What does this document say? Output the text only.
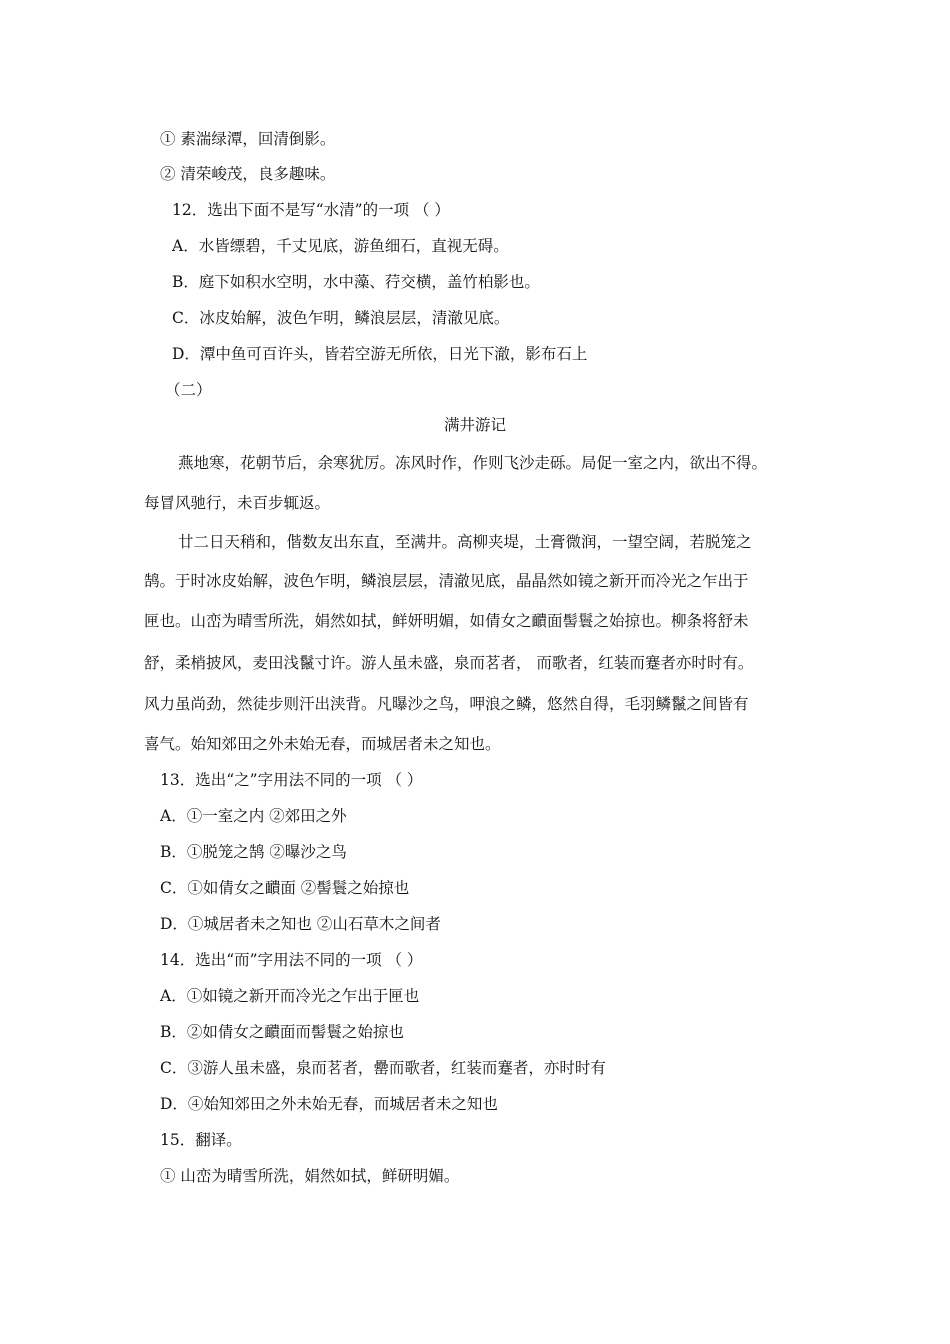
① 素湍绿潭，回清倒影。
② 清荣峻茂，良多趣味。
12．选出下面不是写“水清”的一项 （ ）
A．水皆缥碧，千丈见底，游鱼细石，直视无碍。
B．庭下如积水空明，水中藻、荇交横，盖竹柏影也。
C．冰皮始解，波色乍明，鳞浪层层，清澈见底。
D．潭中鱼可百许头，皆若空游无所依，日光下澈，影布石上
（二）
满井游记
燕地寒，花朝节后，余寒犹厉。冻风时作，作则飞沙走砾。局促一室之内，欲出不得。
每冒风驰行，未百步辄返。
廿二日天稍和，偕数友出东直，至满井。高柳夹堤，土膏微润，一望空阔，若脱笼之
鹄。于时冰皮始解，波色乍明，鳞浪层层，清澈见底，晶晶然如镜之新开而冷光之乍出于
匣也。山峦为晴雪所洗，娟然如拭，鲜妍明媚，如倩女之靧面髻鬟之始掠也。柳条将舒未
舒，柔梢披风，麦田浅鬣寸许。游人虽未盛，泉而茗者， 而歌者，红装而蹇者亦时时有。
风力虽尚劲，然徒步则汗出浃背。凡曝沙之鸟，呷浪之鳞，悠然自得，毛羽鳞鬣之间皆有
喜气。始知郊田之外未始无春，而城居者未之知也。
13．选出“之”字用法不同的一项 （ ）
A．①一室之内 ②郊田之外
B．①脱笼之鹄 ②曝沙之鸟
C．①如倩女之靧面 ②髻鬟之始掠也
D．①城居者未之知也 ②山石草木之间者
14．选出“而”字用法不同的一项 （ ）
A．①如镜之新开而冷光之乍出于匣也
B．②如倩女之靧面而髻鬟之始掠也
C．③游人虽未盛，泉而茗者，罍而歌者，红装而蹇者，亦时时有
D．④始知郊田之外未始无春，而城居者未之知也
15．翻译。
① 山峦为晴雪所洗，娟然如拭，鲜研明媚。
